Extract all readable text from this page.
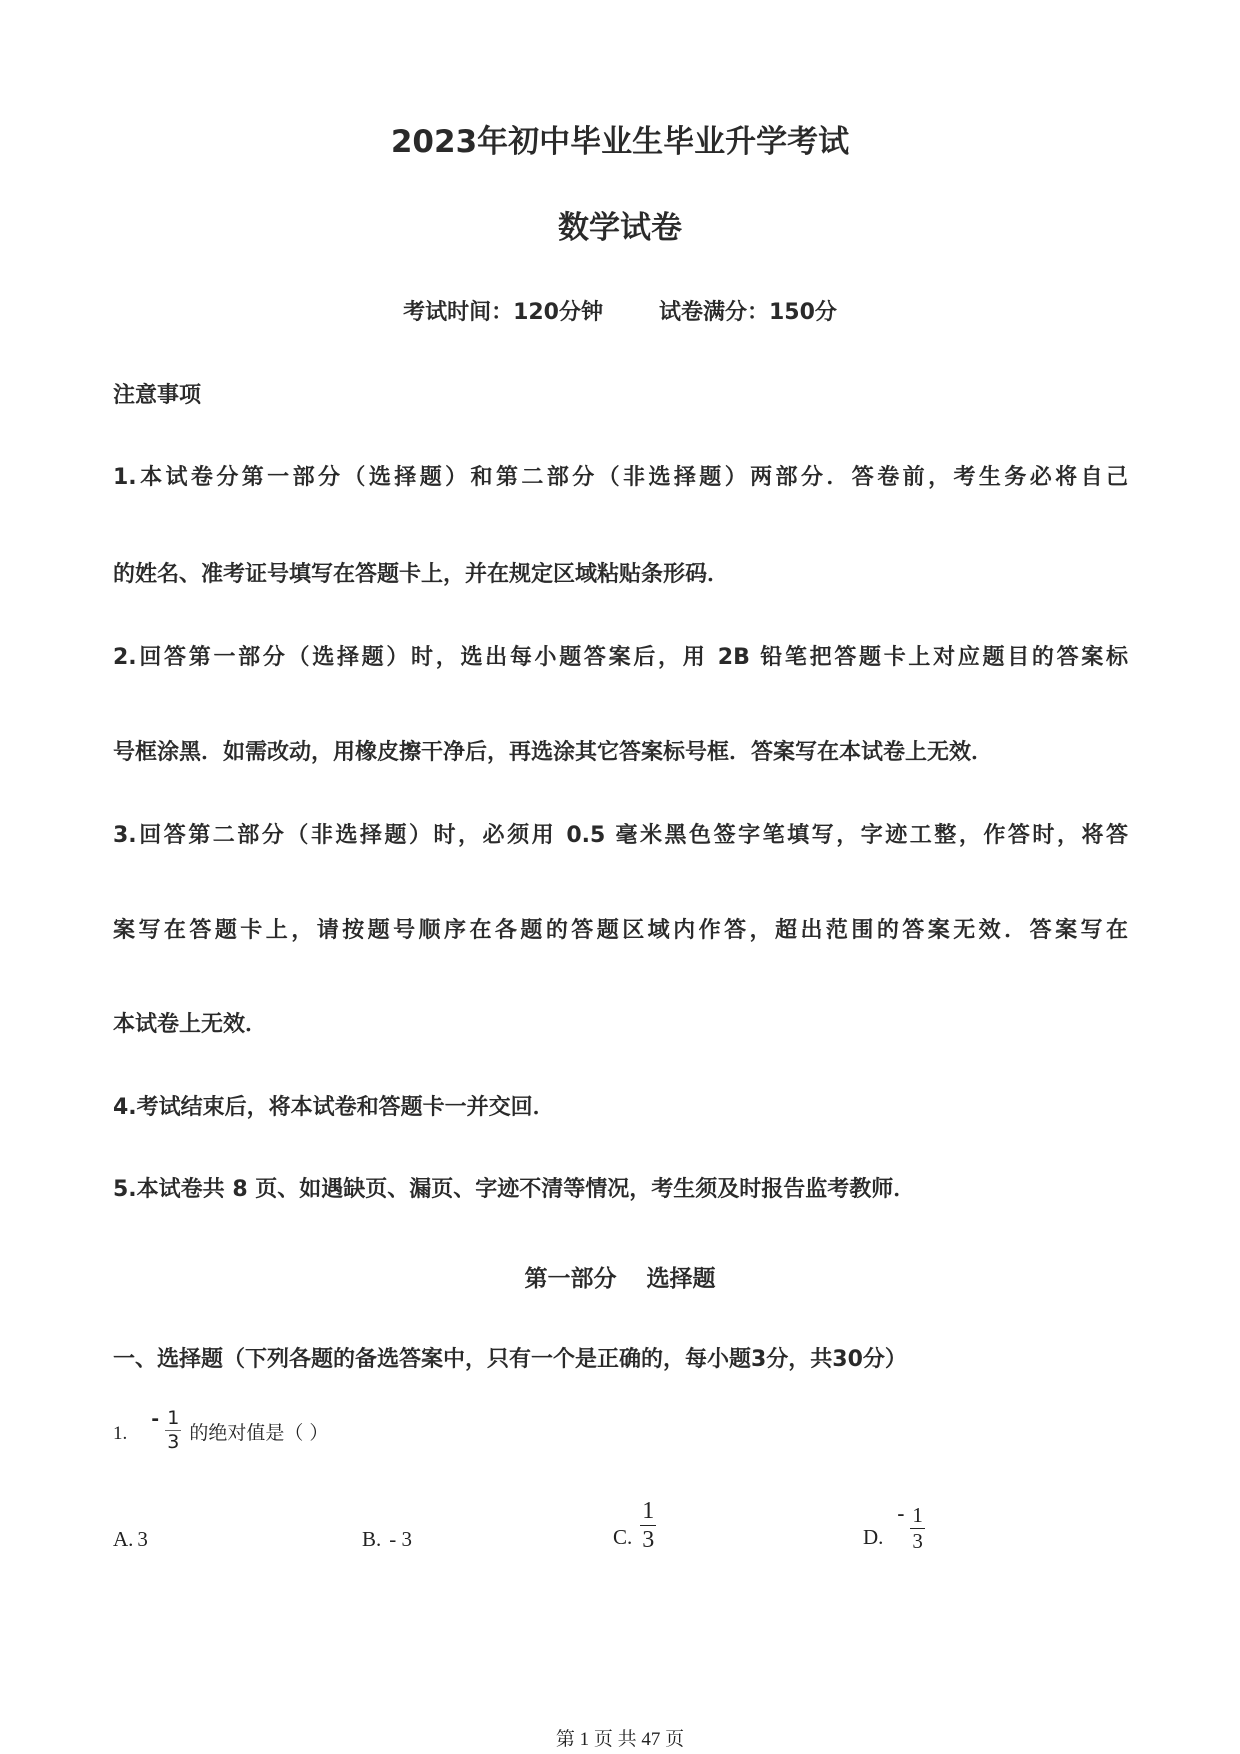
2023年初中毕业生毕业升学考试
数学试卷
考试时间：120分钟	试卷满分：150分
注意事项
1.本试卷分第一部分（选择题）和第二部分（非选择题）两部分．答卷前，考生务必将自己
的姓名、准考证号填写在答题卡上，并在规定区域粘贴条形码．
2.回答第一部分（选择题）时，选出每小题答案后，用 2B 铅笔把答题卡上对应题目的答案标
号框涂黑．如需改动，用橡皮擦干净后，再选涂其它答案标号框．答案写在本试卷上无效．
3.回答第二部分（非选择题）时，必须用 0.5 毫米黑色签字笔填写，字迹工整，作答时，将答
案写在答题卡上，请按题号顺序在各题的答题区域内作答，超出范围的答案无效．答案写在
本试卷上无效．
4.考试结束后，将本试卷和答题卡一并交回．
5.本试卷共 8 页、如遇缺页、漏页、字迹不清等情况，考生须及时报告监考教师．
第一部分 选择题
一、选择题（下列各题的备选答案中，只有一个是正确的，每小题3分，共30分）
1.
- $\frac{1}{3}$ 的绝对值是（ ）
A. 3	B. - 3	C. $\frac{1}{3}$	D.
- $\frac{1}{3}$
第 1 页 共 47 页
